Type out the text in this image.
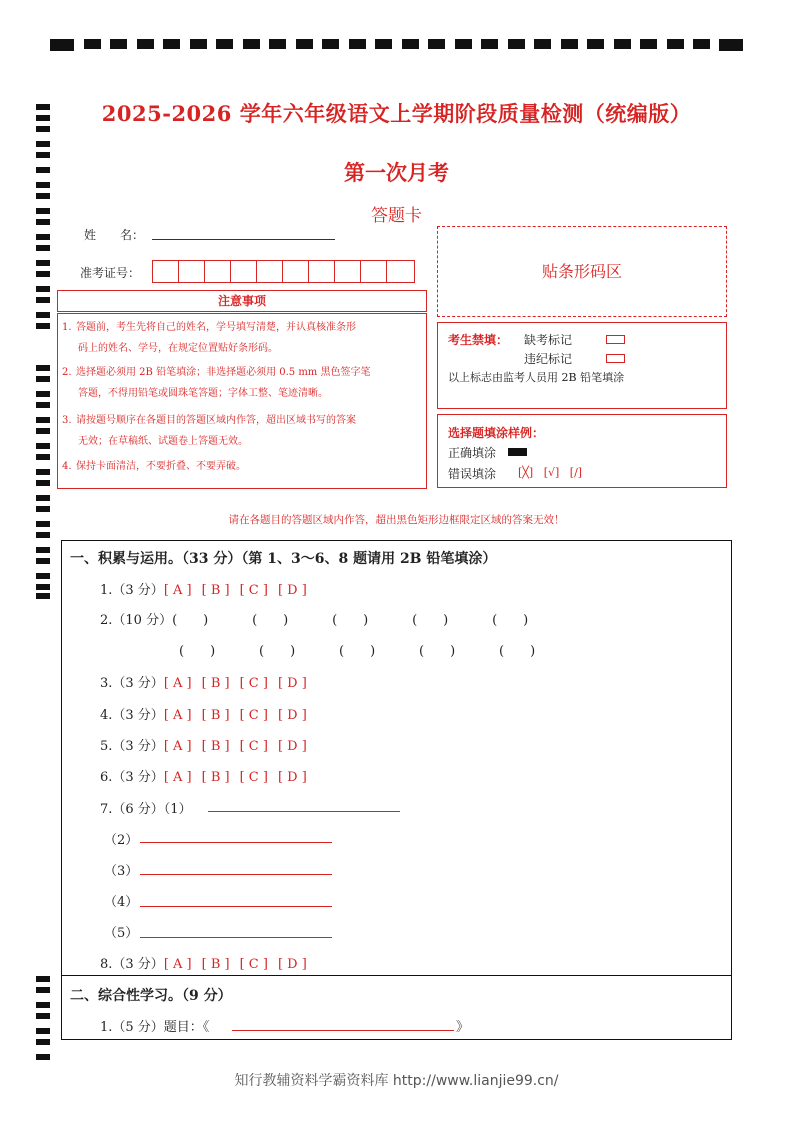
2025-2026 学年六年级语文上学期阶段质量检测（统编版）
第一次月考
答题卡
姓　　名：
准考证号：	贴条形码区
注意事项
1. 答题前，考生先将自己的姓名，学号填写清楚，并认真核准条形
码上的姓名、学号，在规定位置贴好条形码。
2. 选择题必须用 2B 铅笔填涂；非选择题必须用 0.5 mm 黑色签字笔
答题，不得用铅笔或圆珠笔答题；字体工整、笔迹清晰。
3. 请按题号顺序在各题目的答题区域内作答，超出区域书写的答案
无效；在草稿纸、试题卷上答题无效。
4. 保持卡面清洁，不要折叠、不要弄破。
考生禁填： 缺考标记
违纪标记
以上标志由监考人员用 2B 铅笔填涂
选择题填涂样例：
正确填涂
错误填涂 [╳]   [√]   [/]
请在各题目的答题区域内作答，超出黑色矩形边框限定区域的答案无效！
一、积累与运用。（33 分）（第 1、3～6、8 题请用 2B 铅笔填涂）
1.（3 分）[ A ] [ B ] [ C ] [ D ]
2.（10 分）(　　)	(　　)	(　　)	(　　)	(　　)
(　　)	(　　)	(　　)	(　　)	(　　)
3.（3 分）[ A ] [ B ] [ C ] [ D ]
4.（3 分）[ A ] [ B ] [ C ] [ D ]
5.（3 分）[ A ] [ B ] [ C ] [ D ]
6.（3 分）[ A ] [ B ] [ C ] [ D ]
7.（6 分）（1）
（2）
（3）
（4）
（5）
8.（3 分）[ A ] [ B ] [ C ] [ D ]
二、综合性学习。（9 分）
1.（5 分）题目：《	》
知行教辅资料学霸资料库 http://www.lianjie99.cn/
